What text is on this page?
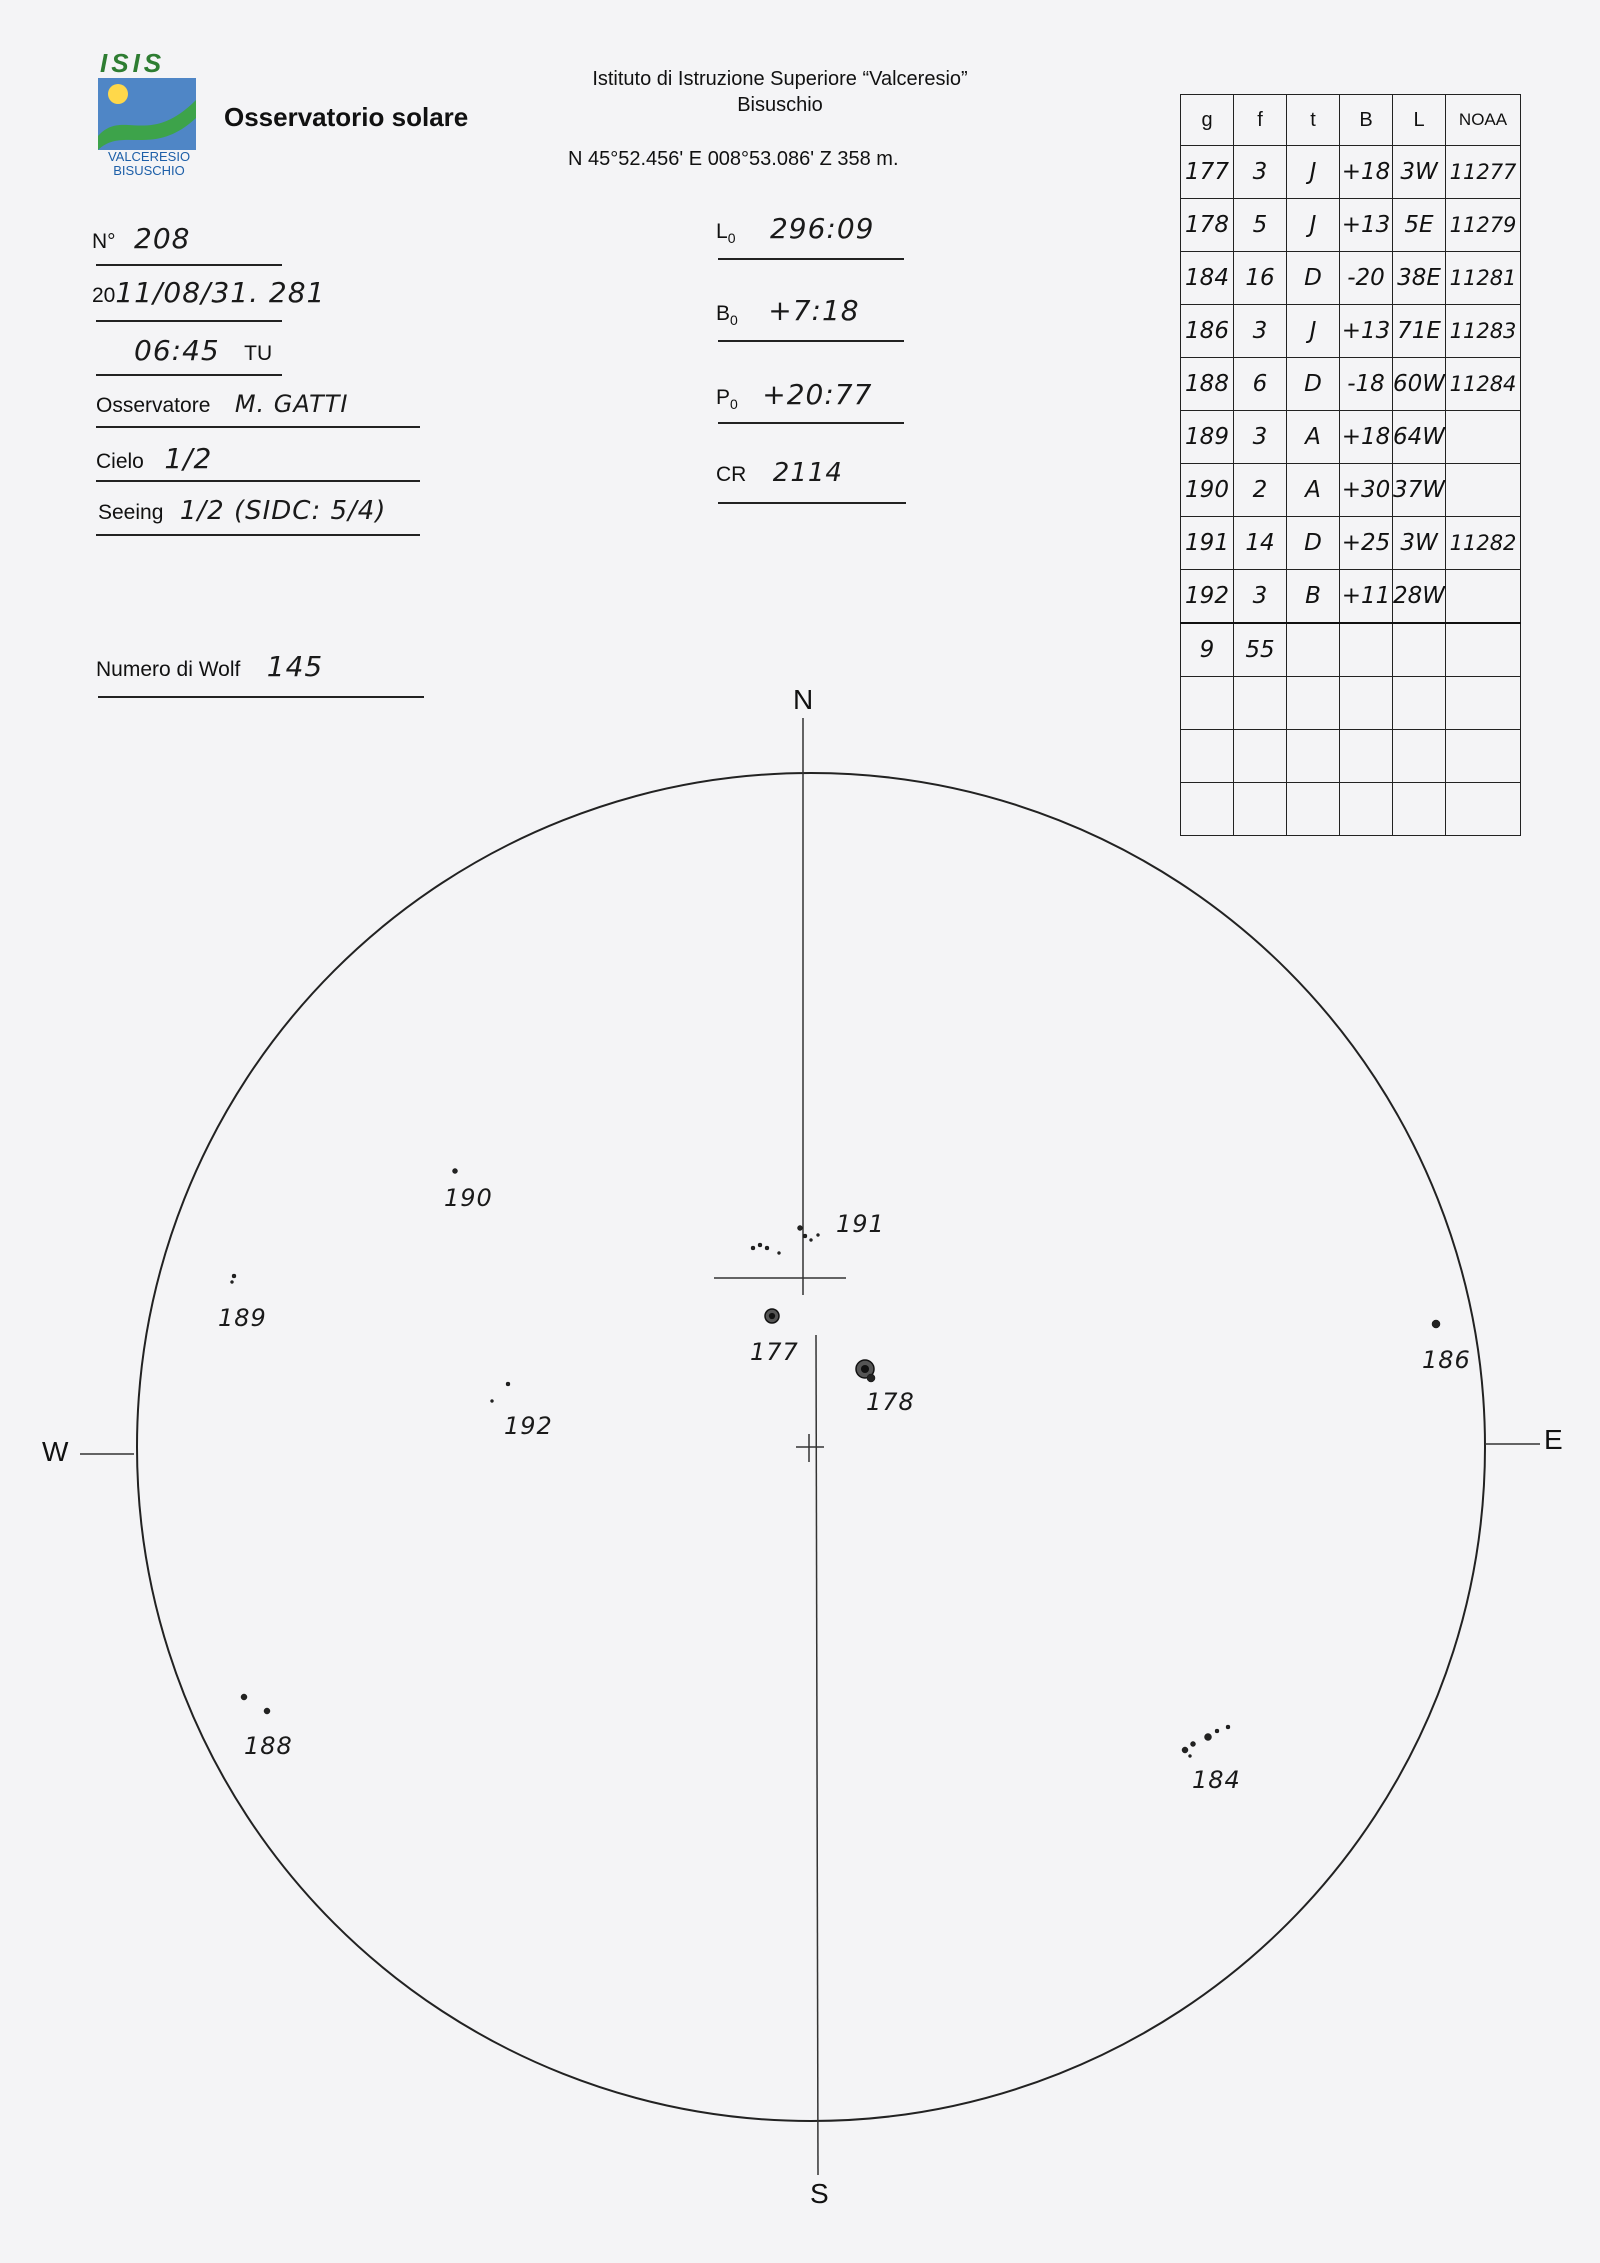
ISIS
VALCERESIO BISUSCHIO
Osservatorio solare
Istituto di Istruzione Superiore “Valceresio”
Bisuschio
N 45°52.456' E 008°53.086' Z 358 m.
N° 208
2011/08/31. 281
06:45 TU
Osservatore M. GATTI
Cielo 1/2
Seeing 1/2 (SIDC: 5/4)
Numero di Wolf 145
$L_0$ 296:09
$B_0$ +7:18
$P_0$ +20:77
CR 2114
g	f	t	B	L	NOAA
177	3	J	+18	3W	11277
178	5	J	+13	5E	11279
184	16	D	-20	38E	11281
186	3	J	+13	71E	11283
188	6	D	-18	60W	11284
189	3	A	+18	64W	
190	2	A	+30	37W	
191	14	D	+25	3W	11282
192	3	B	+11	28W	
9	55				

N
S
E
W
190
189
191
177
178
192
186
188
184
